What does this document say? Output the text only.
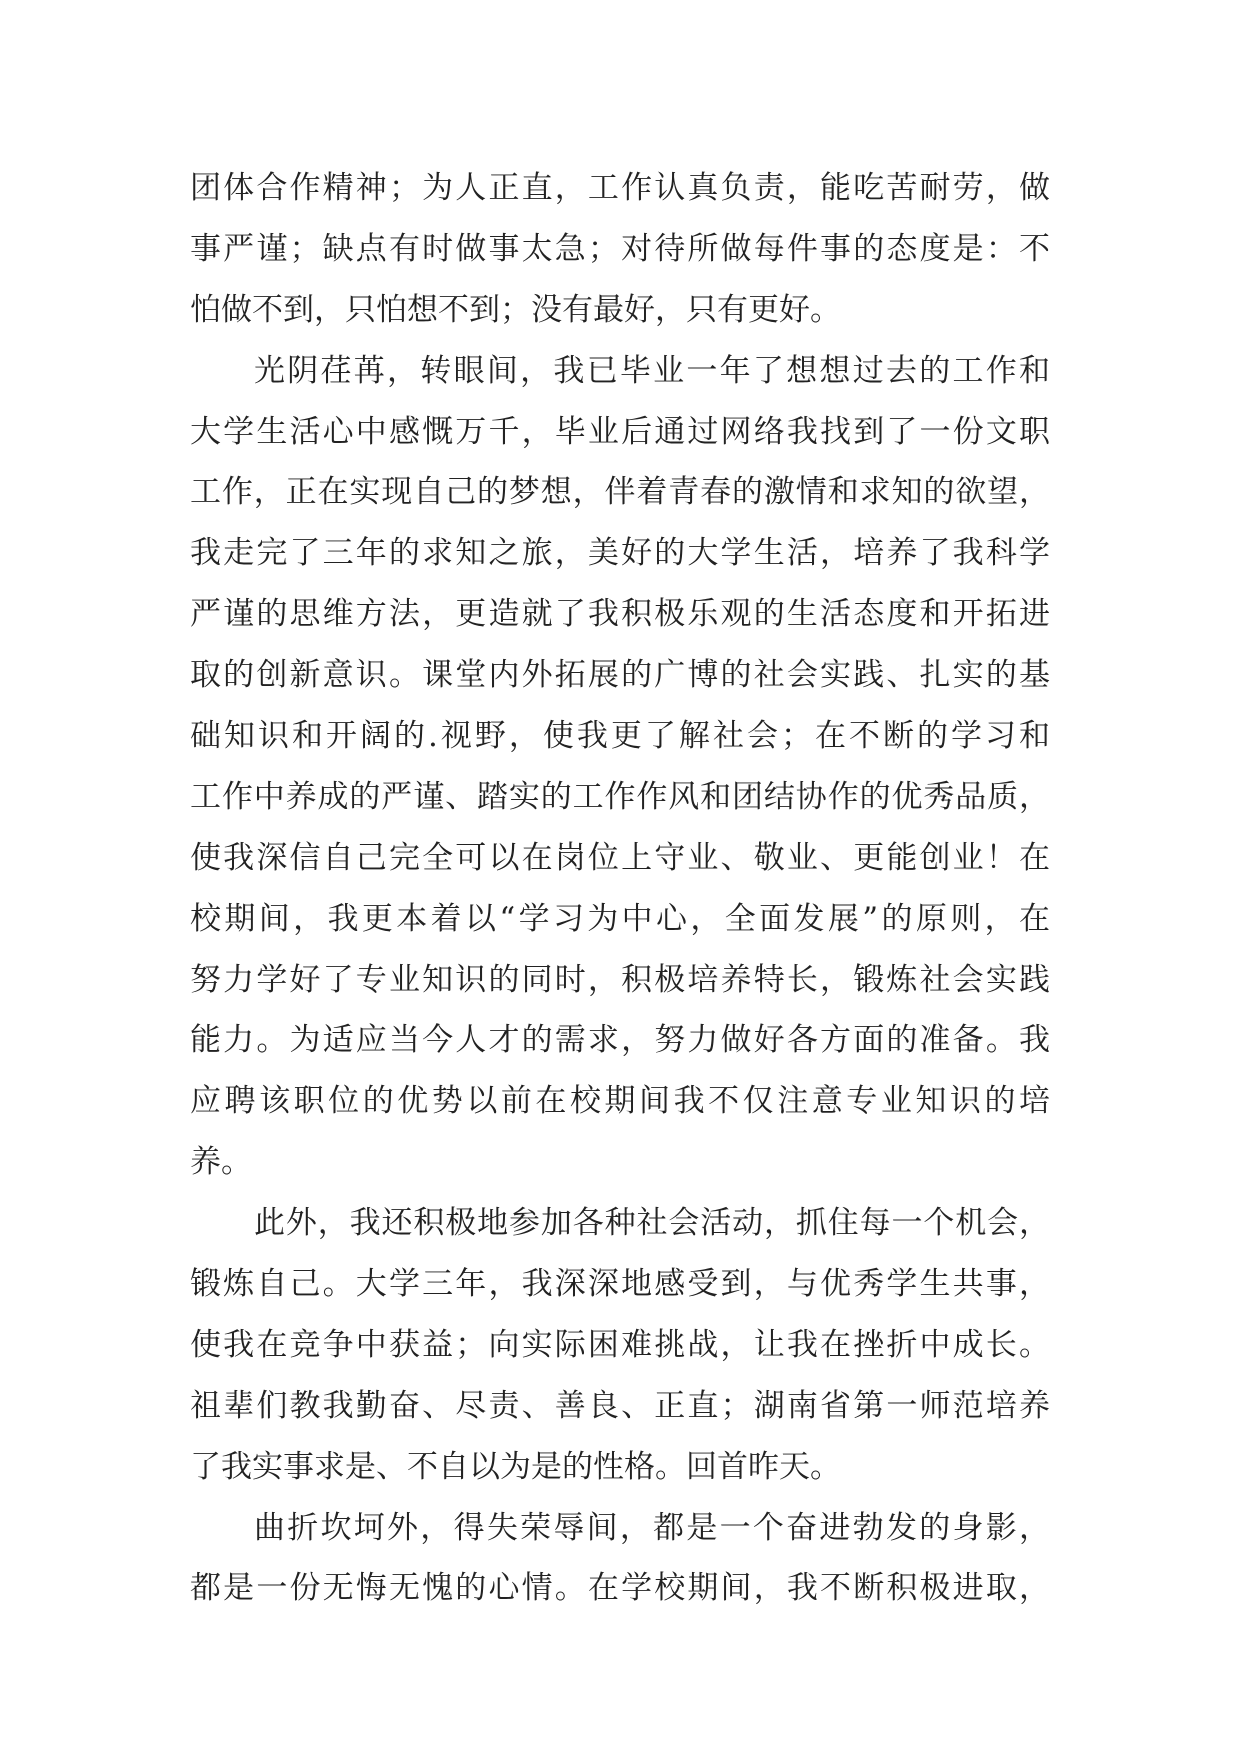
团体合作精神；为人正直，工作认真负责，能吃苦耐劳，做
事严谨；缺点有时做事太急；对待所做每件事的态度是：不
怕做不到，只怕想不到；没有最好，只有更好。
光阴荏苒，转眼间，我已毕业一年了想想过去的工作和
大学生活心中感慨万千，毕业后通过网络我找到了一份文职
工作，正在实现自己的梦想，伴着青春的激情和求知的欲望，
我走完了三年的求知之旅，美好的大学生活，培养了我科学
严谨的思维方法，更造就了我积极乐观的生活态度和开拓进
取的创新意识。课堂内外拓展的广博的社会实践、扎实的基
础知识和开阔的.视野，使我更了解社会；在不断的学习和
工作中养成的严谨、踏实的工作作风和团结协作的优秀品质，
使我深信自己完全可以在岗位上守业、敬业、更能创业！在
校期间，我更本着以“学习为中心，全面发展”的原则，在
努力学好了专业知识的同时，积极培养特长，锻炼社会实践
能力。为适应当今人才的需求，努力做好各方面的准备。我
应聘该职位的优势以前在校期间我不仅注意专业知识的培
养。
此外，我还积极地参加各种社会活动，抓住每一个机会，
锻炼自己。大学三年，我深深地感受到，与优秀学生共事，
使我在竞争中获益；向实际困难挑战，让我在挫折中成长。
祖辈们教我勤奋、尽责、善良、正直；湖南省第一师范培养
了我实事求是、不自以为是的性格。回首昨天。
曲折坎坷外，得失荣辱间，都是一个奋进勃发的身影，
都是一份无悔无愧的心情。在学校期间，我不断积极进取，
